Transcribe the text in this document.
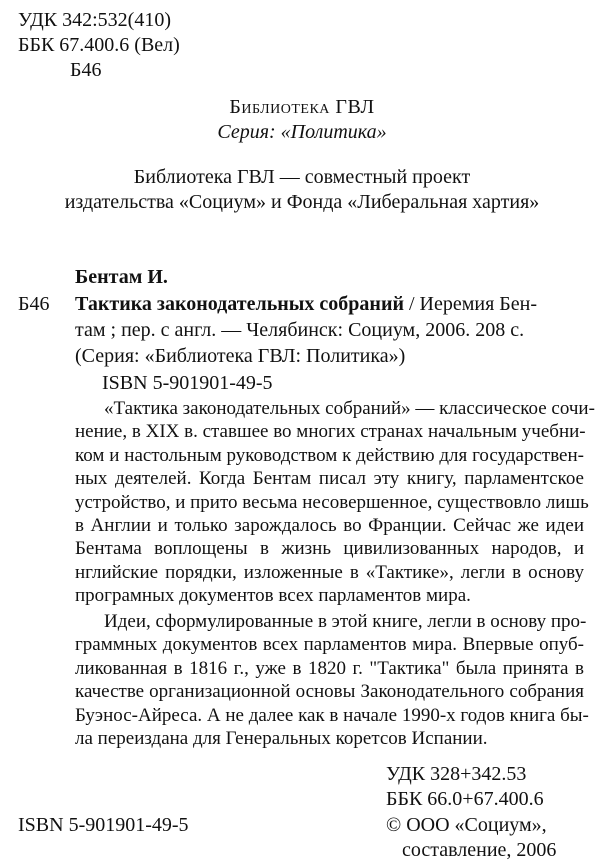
УДК 342:532(410)
ББК 67.400.6 (Вел)
Б46
Библиотека ГВЛ
Серия: «Политика»
Библиотека ГВЛ — совместный проект
издательства «Социум» и Фонда «Либеральная хартия»
Бентам И.
Б46 Тактика законодательных собраний / Иеремия Бен-
там ; пер. с англ. — Челябинск: Социум, 2006. 208 с.
(Серия: «Библиотека ГВЛ: Политика»)
ISBN 5-901901-49-5
«Тактика законодательных собраний» — классическое сочи-
нение, в XIX в. ставшее во многих странах начальным учебни-
ком и настольным руководством к действию для государствен-
ных деятелей. Когда Бентам писал эту книгу, парламентское
устройство, и прито весьма несовершенное, существовло лишь
в Англии и только зарождалось во Франции. Сейчас же идеи
Бентама воплощены в жизнь цивилизованных народов, и
нглийские порядки, изложенные в «Тактике», легли в основу
програмных документов всех парламентов мира.
Идеи, сформулированные в этой книге, легли в основу про-
граммных документов всех парламентов мира. Впервые опуб-
ликованная в 1816 г., уже в 1820 г. "Тактика" была принята в
качестве организационной основы Законодательного собрания
Буэнос-Айреса. А не далее как в начале 1990-х годов книга бы-
ла переиздана для Генеральных коретсов Испании.
УДК 328+342.53
ББК 66.0+67.400.6
ISBN 5-901901-49-5	© ООО «Социум»,
составление, 2006
